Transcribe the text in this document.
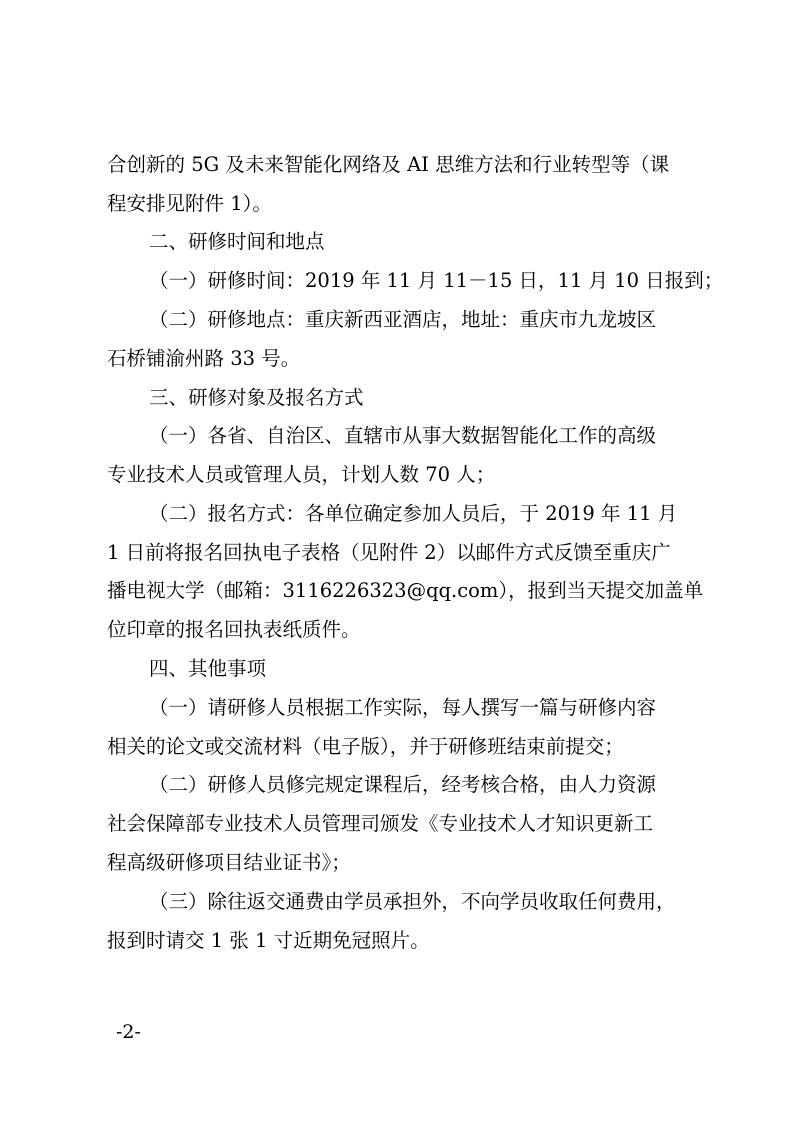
合创新的 5G 及未来智能化网络及 AI 思维方法和行业转型等（课

程安排见附件 1）。

二、研修时间和地点

（一）研修时间：2019 年 11 月 11－15 日，11 月 10 日报到；

（二）研修地点：重庆新西亚酒店，地址：重庆市九龙坡区

石桥铺渝州路 33 号。

三、研修对象及报名方式

（一）各省、自治区、直辖市从事大数据智能化工作的高级

专业技术人员或管理人员，计划人数 70 人；

（二）报名方式：各单位确定参加人员后，于 2019 年 11 月

1 日前将报名回执电子表格（见附件 2）以邮件方式反馈至重庆广

播电视大学（邮箱：3116226323@qq.com），报到当天提交加盖单

位印章的报名回执表纸质件。

四、其他事项

（一）请研修人员根据工作实际，每人撰写一篇与研修内容

相关的论文或交流材料（电子版），并于研修班结束前提交；

（二）研修人员修完规定课程后，经考核合格，由人力资源

社会保障部专业技术人员管理司颁发《专业技术人才知识更新工

程高级研修项目结业证书》；

（三）除往返交通费由学员承担外，不向学员收取任何费用，

报到时请交 1 张 1 寸近期免冠照片。

-2-
